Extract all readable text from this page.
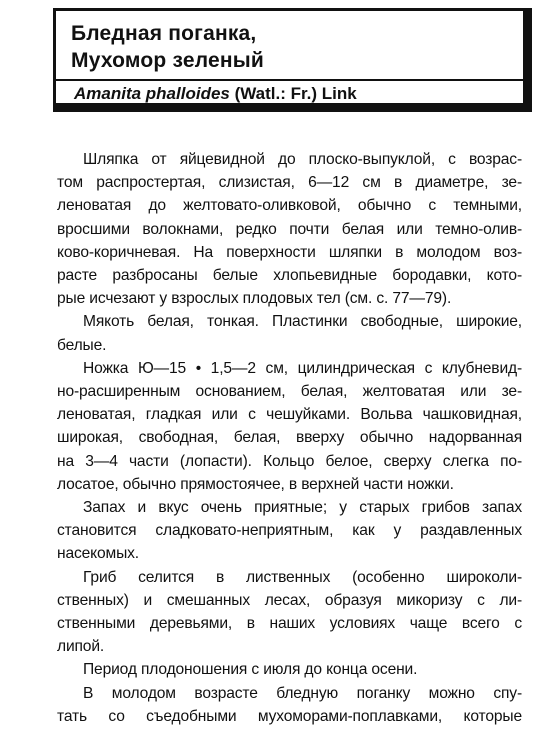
Бледная поганка,
Мухомор зеленый
Amanita phalloides (Watl.: Fr.) Link

Шляпка от яйцевидной до плоско-выпуклой, с возрас-
том распростертая, слизистая, 6—12 см в диаметре, зе-
леноватая до желтовато-оливковой, обычно с темными,
вросшими волокнами, редко почти белая или темно-олив-
ково-коричневая. На поверхности шляпки в молодом воз-
расте разбросаны белые хлопьевидные бородавки, кото-
рые исчезают у взрослых плодовых тел (см. с. 77—79).

Мякоть белая, тонкая. Пластинки свободные, широкие,
белые.

Ножка Ю—15 • 1,5—2 см, цилиндрическая с клубневид-
но-расширенным основанием, белая, желтоватая или зе-
леноватая, гладкая или с чешуйками. Вольва чашковидная,
широкая, свободная, белая, вверху обычно надорванная
на 3—4 части (лопасти). Кольцо белое, сверху слегка по-
лосатое, обычно прямостоячее, в верхней части ножки.

Запах и вкус очень приятные; у старых грибов запах
становится сладковато-неприятным, как у раздавленных
насекомых.

Гриб селится в лиственных (особенно широколи-
ственных) и смешанных лесах, образуя микоризу с ли-
ственными деревьями, в наших условиях чаще всего с
липой.

Период плодоношения с июля до конца осени.

В молодом возрасте бледную поганку можно спу-
тать со съедобными мухоморами-поплавками, которые
